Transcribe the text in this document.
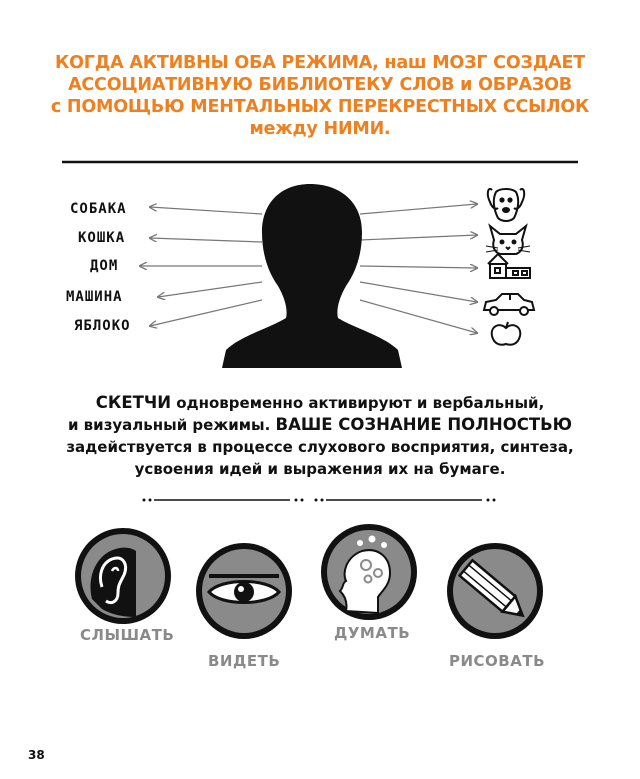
КОГДА АКТИВНЫ ОБА РЕЖИМА, наш МОЗГ СОЗДАЕТ
АССОЦИАТИВНУЮ БИБЛИОТЕКУ СЛОВ и ОБРАЗОВ
с ПОМОЩЬЮ МЕНТАЛЬНЫХ ПЕРЕКРЕСТНЫХ ССЫЛОК
между НИМИ.
СОБАКА
КОШКА
ДОМ
МАШИНА
ЯБЛОКО
СКЕТЧИ одновременно активируют и вербальный,
и визуальный режимы. ВАШЕ СОЗНАНИЕ ПОЛНОСТЬЮ
задействуется в процессе слухового восприятия, синтеза,
усвоения идей и выражения их на бумаге.
СЛЫШАТЬ
ВИДЕТЬ
ДУМАТЬ
РИСОВАТЬ
38
